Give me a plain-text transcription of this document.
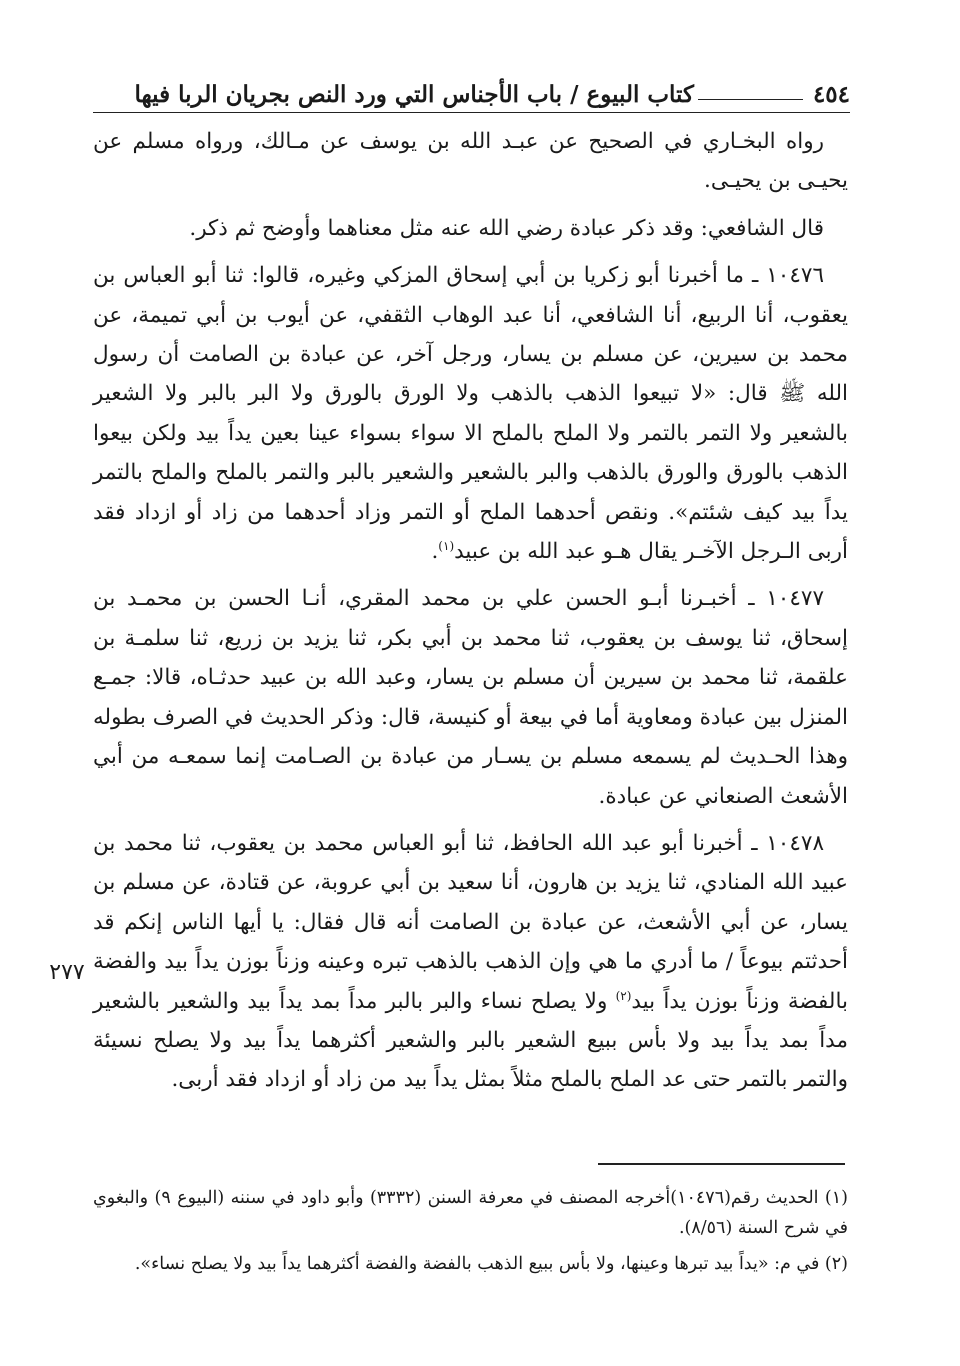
٤٥٤
كتاب البيوع / باب الأجناس التي ورد النص بجريان الربا فيها

رواه البخـاري في الصحيح عن عبـد الله بن يوسف عن مـالك، ورواه مسلم عن يحيـى بن يحيـى.

قال الشافعي: وقد ذكر عبادة رضي الله عنه مثل معناهما وأوضح ثم ذكر.

١٠٤٧٦ ـ ما أخبرنا أبو زكريا بن أبي إسحاق المزكي وغيره، قالوا: ثنا أبو العباس بن يعقوب، أنا الربيع، أنا الشافعي، أنا عبد الوهاب الثقفي، عن أيوب بن أبي تميمة، عن محمد بن سيرين، عن مسلم بن يسار، ورجل آخر، عن عبادة بن الصامت أن رسول الله ﷺ قال: «لا تبيعوا الذهب بالذهب ولا الورق بالورق ولا البر بالبر ولا الشعير بالشعير ولا التمر بالتمر ولا الملح بالملح الا سواء بسواء عينا بعين يداً بيد ولكن بيعوا الذهب بالورق والورق بالذهب والبر بالشعير والشعير بالبر والتمر بالملح والملح بالتمر يداً بيد كيف شئتم». ونقص أحدهما الملح أو التمر وزاد أحدهما من زاد أو ازداد فقد أربى الـرجل الآخـر يقال هـو عبد الله بن عبيد$^{(١)}$.

١٠٤٧٧ ـ أخبـرنا أبـو الحسن علي بن محمد المقري، أنـا الحسن بن محمـد بن إسحاق، ثنا يوسف بن يعقوب، ثنا محمد بن أبي بكر، ثنا يزيد بن زريع، ثنا سلمـة بن علقمة، ثنا محمد بن سيرين أن مسلم بن يسار، وعبد الله بن عبيد حدثـاه، قالا: جمـع المنزل بين عبادة ومعاوية أما في بيعة أو كنيسة، قال: وذكر الحديث في الصرف بطوله وهذا الحـديث لم يسمعه مسلم بن يسـار من عبادة بن الصـامت إنما سمعـه من أبي الأشعث الصنعاني عن عبادة.

١٠٤٧٨ ـ أخبرنا أبو عبد الله الحافظ، ثنا أبو العباس محمد بن يعقوب، ثنا محمد بن عبيد الله المنادي، ثنا يزيد بن هارون، أنا سعيد بن أبي عروبة، عن قتادة، عن مسلم بن يسار، عن أبي الأشعث، عن عبادة بن الصامت أنه قال فقال: يا أيها الناس إنكم قد أحدثتم بيوعاً / ما أدري ما هي وإن الذهب بالذهب تبره وعينه وزناً بوزن يداً بيد والفضة بالفضة وزناً بوزن يداً بيد$^{(٢)}$ ولا يصلح نساء والبر بالبر مداً بمد يداً بيد والشعير بالشعير مداً بمد يداً بيد ولا بأس ببيع الشعير بالبر والشعير أكثرهما يداً بيد ولا يصلح نسيئة والتمر بالتمر حتى عد الملح بالملح مثلاً بمثل يداً بيد من زاد أو ازداد فقد أربى.

٢٧٧

(١) الحديث رقم(١٠٤٧٦)أخرجه المصنف في معرفة السنن (٣٣٣٢) وأبو داود في سننه (البيوع ٩) والبغوي في شرح السنة (٨/٥٦).

(٢) في م: «يداً بيد تبرها وعينها، ولا بأس ببيع الذهب بالفضة والفضة أكثرهما يداً بيد ولا يصلح نساء».
